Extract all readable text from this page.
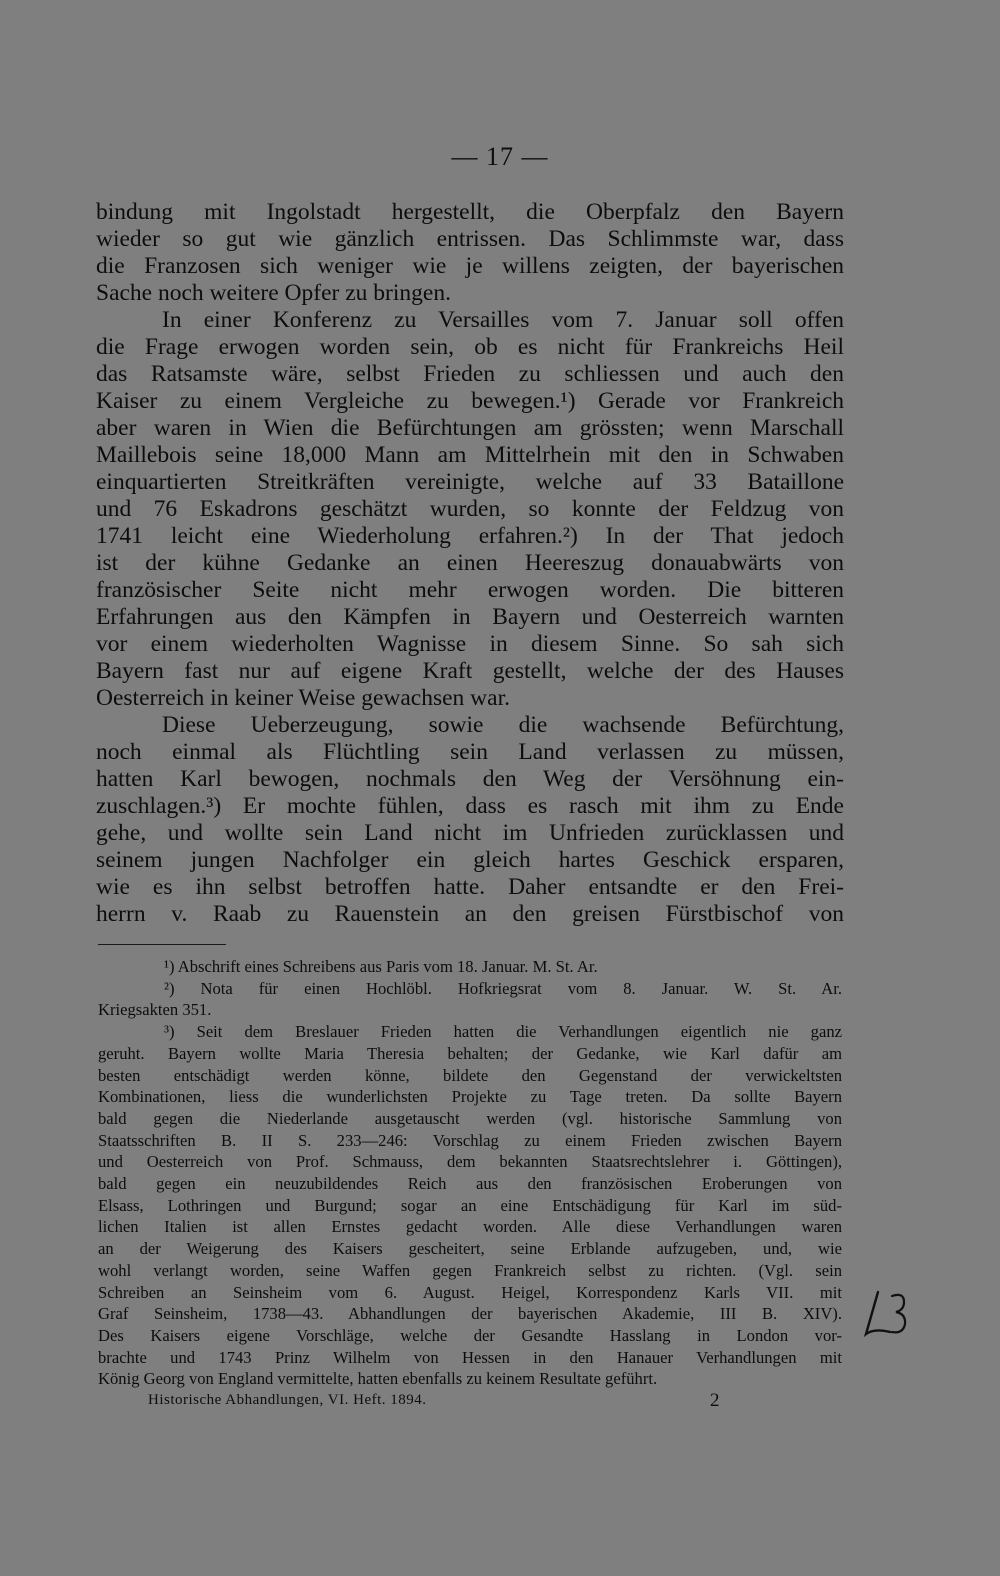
— 17 —
bindung mit Ingolstadt hergestellt, die Oberpfalz den Bayern
wieder so gut wie gänzlich entrissen. Das Schlimmste war, dass
die Franzosen sich weniger wie je willens zeigten, der bayerischen
Sache noch weitere Opfer zu bringen.
In einer Konferenz zu Versailles vom 7. Januar soll offen
die Frage erwogen worden sein, ob es nicht für Frankreichs Heil
das Ratsamste wäre, selbst Frieden zu schliessen und auch den
Kaiser zu einem Vergleiche zu bewegen.¹) Gerade vor Frankreich
aber waren in Wien die Befürchtungen am grössten; wenn Marschall
Maillebois seine 18,000 Mann am Mittelrhein mit den in Schwaben
einquartierten Streitkräften vereinigte, welche auf 33 Bataillone
und 76 Eskadrons geschätzt wurden, so konnte der Feldzug von
1741 leicht eine Wiederholung erfahren.²) In der That jedoch
ist der kühne Gedanke an einen Heereszug donauabwärts von
französischer Seite nicht mehr erwogen worden. Die bitteren
Erfahrungen aus den Kämpfen in Bayern und Oesterreich warnten
vor einem wiederholten Wagnisse in diesem Sinne. So sah sich
Bayern fast nur auf eigene Kraft gestellt, welche der des Hauses
Oesterreich in keiner Weise gewachsen war.
Diese Ueberzeugung, sowie die wachsende Befürchtung,
noch einmal als Flüchtling sein Land verlassen zu müssen,
hatten Karl bewogen, nochmals den Weg der Versöhnung ein-
zuschlagen.³) Er mochte fühlen, dass es rasch mit ihm zu Ende
gehe, und wollte sein Land nicht im Unfrieden zurücklassen und
seinem jungen Nachfolger ein gleich hartes Geschick ersparen,
wie es ihn selbst betroffen hatte. Daher entsandte er den Frei-
herrn v. Raab zu Rauenstein an den greisen Fürstbischof von
¹) Abschrift eines Schreibens aus Paris vom 18. Januar. M. St. Ar.
²) Nota für einen Hochlöbl. Hofkriegsrat vom 8. Januar. W. St. Ar.
Kriegsakten 351.
³) Seit dem Breslauer Frieden hatten die Verhandlungen eigentlich nie ganz
geruht. Bayern wollte Maria Theresia behalten; der Gedanke, wie Karl dafür am
besten entschädigt werden könne, bildete den Gegenstand der verwickeltsten
Kombinationen, liess die wunderlichsten Projekte zu Tage treten. Da sollte Bayern
bald gegen die Niederlande ausgetauscht werden (vgl. historische Sammlung von
Staatsschriften B. II S. 233—246: Vorschlag zu einem Frieden zwischen Bayern
und Oesterreich von Prof. Schmauss, dem bekannten Staatsrechtslehrer i. Göttingen),
bald gegen ein neuzubildendes Reich aus den französischen Eroberungen von
Elsass, Lothringen und Burgund; sogar an eine Entschädigung für Karl im süd-
lichen Italien ist allen Ernstes gedacht worden. Alle diese Verhandlungen waren
an der Weigerung des Kaisers gescheitert, seine Erblande aufzugeben, und, wie
wohl verlangt worden, seine Waffen gegen Frankreich selbst zu richten. (Vgl. sein
Schreiben an Seinsheim vom 6. August. Heigel, Korrespondenz Karls VII. mit
Graf Seinsheim, 1738—43. Abhandlungen der bayerischen Akademie, III B. XIV).
Des Kaisers eigene Vorschläge, welche der Gesandte Hasslang in London vor-
brachte und 1743 Prinz Wilhelm von Hessen in den Hanauer Verhandlungen mit
König Georg von England vermittelte, hatten ebenfalls zu keinem Resultate geführt.
Historische Abhandlungen, VI. Heft. 1894.	2
